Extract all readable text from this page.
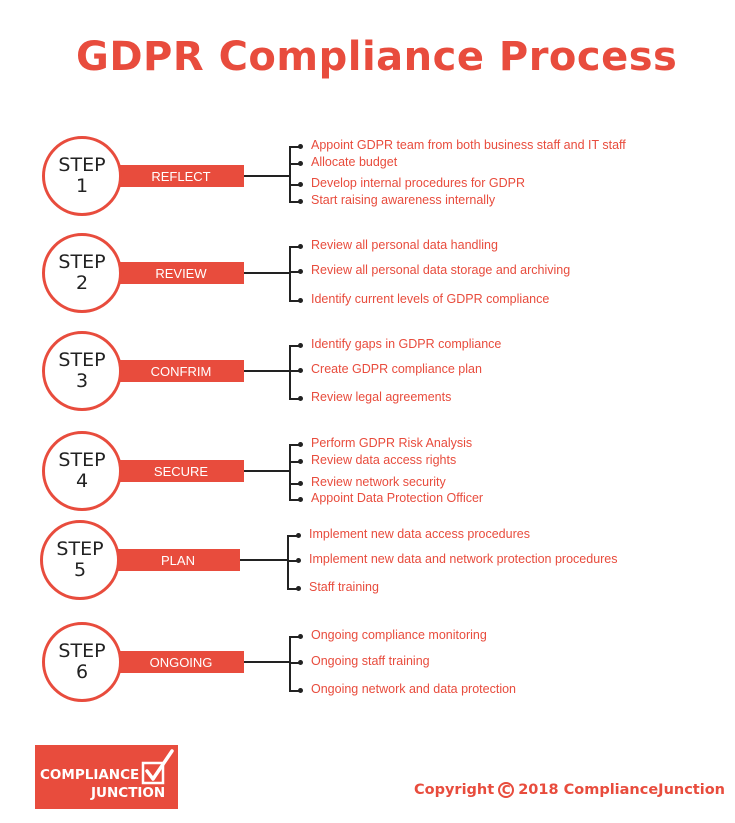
GDPR Compliance Process
STEP
1	REFLECT
Appoint GDPR team from both business staff and IT staff
Allocate budget
Develop internal procedures for GDPR
Start raising awareness internally
STEP
2	REVIEW
Review all personal data handling
Review all personal data storage and archiving
Identify current levels of GDPR compliance
STEP
3	CONFRIM
Identify gaps in GDPR compliance
Create GDPR compliance plan
Review legal agreements
STEP
4	SECURE
Perform GDPR Risk Analysis
Review data access rights
Review network security
Appoint Data Protection Officer
STEP
5	PLAN
Implement new data access procedures
Implement new data and network protection procedures
Staff training
STEP
6	ONGOING
Ongoing compliance monitoring
Ongoing staff training
Ongoing network and data protection
COMPLIANCE
JUNCTION	Copyright C 2018 ComplianceJunction
